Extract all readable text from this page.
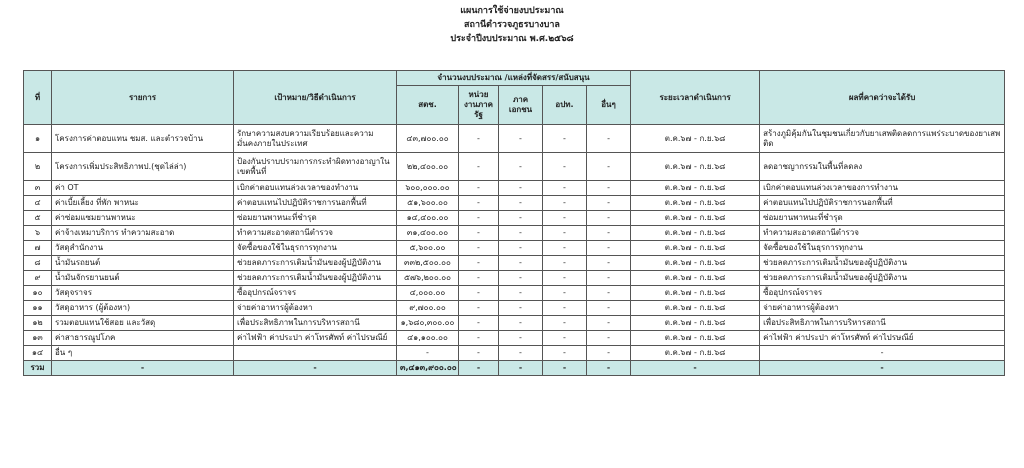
แผนการใช้จ่ายงบประมาณ
สถานีตำรวจภูธรบางบาล
ประจำปีงบประมาณ พ.ศ.๒๕๖๘
ที่	รายการ	เป้าหมาย/วิธีดำเนินการ	จำนวนงบประมาณ /แหล่งที่จัดสรร/สนับสนุน					ระยะเวลาดำเนินการ	ผลที่คาดว่าจะได้รับ
			สตช.	หน่วยงานภาครัฐ	ภาคเอกชน	อปท.	อื่นๆ		
๑	โครงการค่าตอบแทน ชมส. และตำรวจบ้าน	รักษาความสงบความเรียบร้อยและความมั่นคงภายในประเทศ	๔๓,๗๐๐.๐๐	-	-	-	-	ต.ค.๖๗ - ก.ย.๖๘	สร้างภูมิคุ้มกันในชุมชนเกี่ยวกับยาเสพติดลดการแพร่ระบาดของยาเสพติด
๒	โครงการเพิ่มประสิทธิภาพป.(ชุดไล่ล่า)	ป้องกันปราบปรามการกระทำผิดทางอาญาในเขตพื้นที่	๒๒,๔๐๐.๐๐	-	-	-	-	ต.ค.๖๗ - ก.ย.๖๘	ลดอาชญากรรมในพื้นที่ลดลง
๓	ค่า OT	เบิกค่าตอบแทนล่วงเวลาของทำงาน	๖๐๐,๐๐๐.๐๐	-	-	-	-	ต.ค.๖๗ - ก.ย.๖๘	เบิกค่าตอบแทนล่วงเวลาของการทำงาน
๔	ค่าเบี้ยเลี้ยง ที่พัก พาหนะ	ค่าตอบแทนไปปฏิบัติราชการนอกพื้นที่	๕๑,๖๐๐.๐๐	-	-	-	-	ต.ค.๖๗ - ก.ย.๖๘	ค่าตอบแทนไปปฏิบัติราชการนอกพื้นที่
๕	ค่าซ่อมแซมยานพาหนะ	ซ่อมยานพาหนะที่ชำรุด	๑๔,๔๐๐.๐๐	-	-	-	-	ต.ค.๖๗ - ก.ย.๖๘	ซ่อมยานพาหนะที่ชำรุด
๖	ค่าจ้างเหมาบริการ ทำความสะอาด	ทำความสะอาดสถานีตำรวจ	๓๑,๔๐๐.๐๐	-	-	-	-	ต.ค.๖๗ - ก.ย.๖๘	ทำความสะอาดสถานีตำรวจ
๗	วัสดุสำนักงาน	จัดซื้อของใช้ในธุรการทุกงาน	๕,๖๐๐.๐๐	-	-	-	-	ต.ค.๖๗ - ก.ย.๖๘	จัดซื้อของใช้ในธุรการทุกงาน
๘	น้ำมันรถยนต์	ช่วยลดภาระการเติมน้ำมันของผู้ปฏิบัติงาน	๓๓๒,๕๐๐.๐๐	-	-	-	-	ต.ค.๖๗ - ก.ย.๖๘	ช่วยลดภาระการเติมน้ำมันของผู้ปฏิบัติงาน
๙	น้ำมันจักรยานยนต์	ช่วยลดภาระการเติมน้ำมันของผู้ปฏิบัติงาน	๕๗๖,๒๐๐.๐๐	-	-	-	-	ต.ค.๖๗ - ก.ย.๖๘	ช่วยลดภาระการเติมน้ำมันของผู้ปฏิบัติงาน
๑๐	วัสดุจราจร	ซื้ออุปกรณ์จราจร	๔,๐๐๐.๐๐	-	-	-	-	ต.ค.๖๗ - ก.ย.๖๘	ซื้ออุปกรณ์จราจร
๑๑	วัสดุอาหาร (ผู้ต้องหา)	จ่ายค่าอาหารผู้ต้องหา	๙,๗๐๐.๐๐	-	-	-	-	ต.ค.๖๗ - ก.ย.๖๘	จ่ายค่าอาหารผู้ต้องหา
๑๒	รวมตอบแทนใช้สอย และวัสดุ	เพื่อประสิทธิภาพในการบริหารสถานี	๑,๖๘๐,๓๐๐.๐๐	-	-	-	-	ต.ค.๖๗ - ก.ย.๖๘	เพื่อประสิทธิภาพในการบริหารสถานี
๑๓	ค่าสาธารณูปโภค	ค่าไฟฟ้า ค่าประปา ค่าโทรศัพท์ ค่าไปรษณีย์	๔๑,๑๐๐.๐๐	-	-	-	-	ต.ค.๖๗ - ก.ย.๖๘	ค่าไฟฟ้า ค่าประปา ค่าโทรศัพท์ ค่าไปรษณีย์
๑๔	อื่น ๆ		-	-	-	-	-	ต.ค.๖๗ - ก.ย.๖๘	-
รวม	-	-	๓,๔๑๓,๙๐๐.๐๐	-	-	-	-	-	-
